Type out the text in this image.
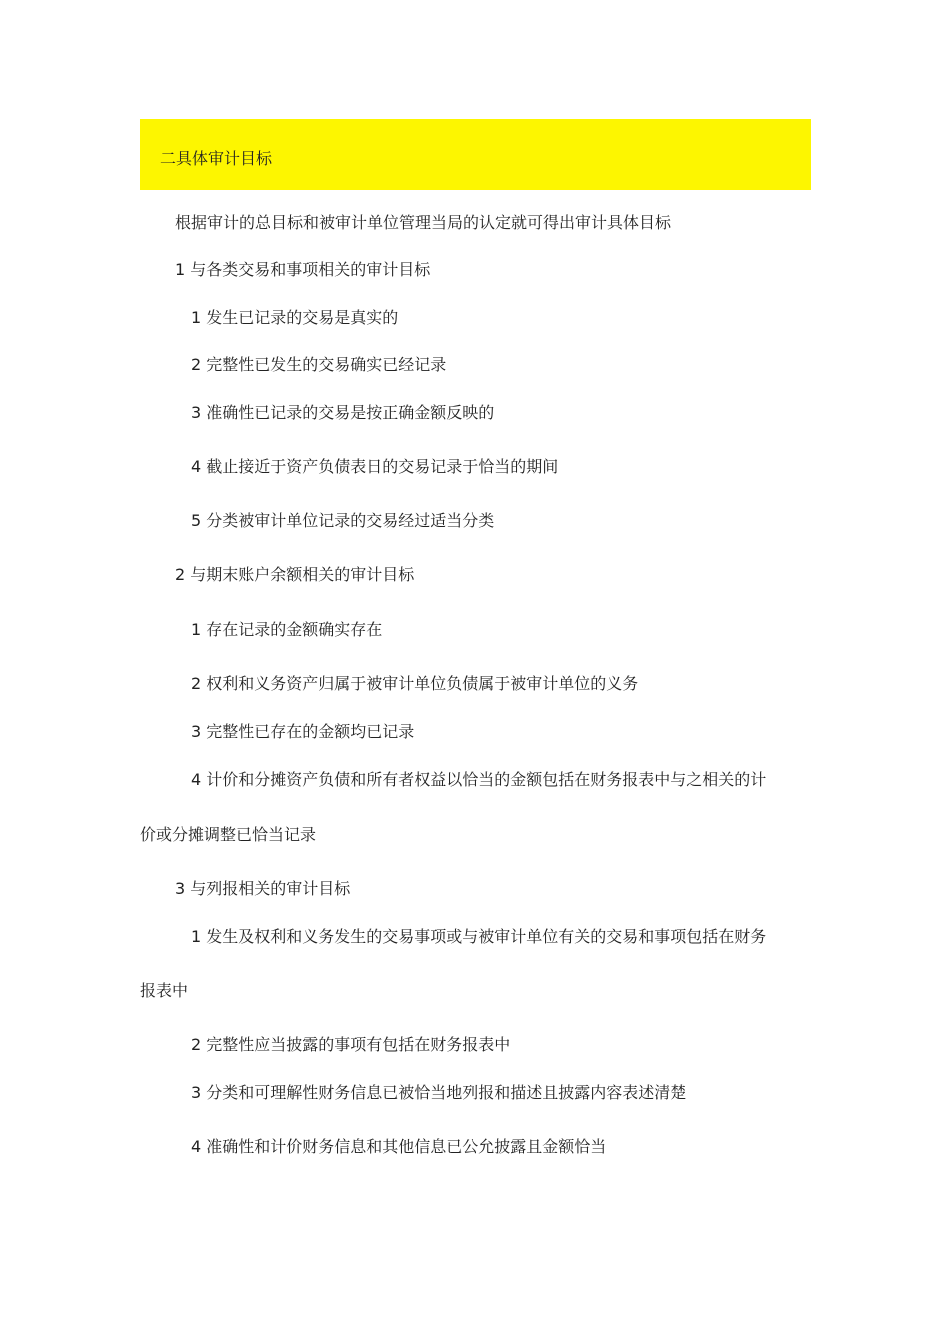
二具体审计目标
根据审计的总目标和被审计单位管理当局的认定就可得出审计具体目标
1 与各类交易和事项相关的审计目标
1 发生已记录的交易是真实的
2 完整性已发生的交易确实已经记录
3 准确性已记录的交易是按正确金额反映的
4 截止接近于资产负债表日的交易记录于恰当的期间
5 分类被审计单位记录的交易经过适当分类
2 与期末账户余额相关的审计目标
1 存在记录的金额确实存在
2 权利和义务资产归属于被审计单位负债属于被审计单位的义务
3 完整性已存在的金额均已记录
4 计价和分摊资产负债和所有者权益以恰当的金额包括在财务报表中与之相关的计
价或分摊调整已恰当记录
3 与列报相关的审计目标
1 发生及权利和义务发生的交易事项或与被审计单位有关的交易和事项包括在财务
报表中
2 完整性应当披露的事项有包括在财务报表中
3 分类和可理解性财务信息已被恰当地列报和描述且披露内容表述清楚
4 准确性和计价财务信息和其他信息已公允披露且金额恰当
